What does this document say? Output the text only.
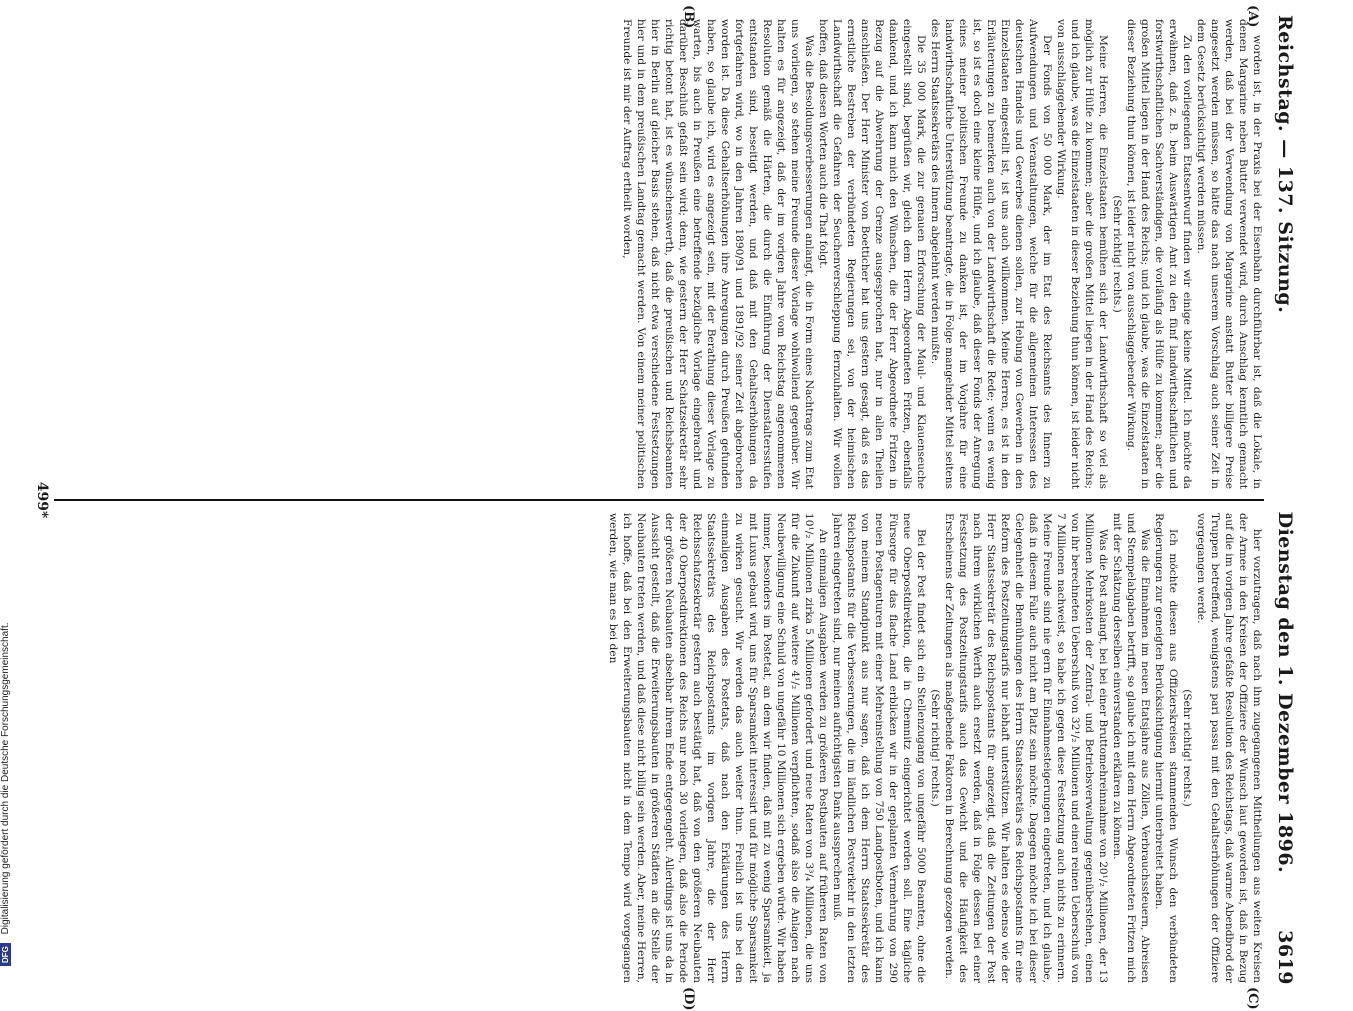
Reichstag. — 137. Sitzung.
Dienstag den 1. Dezember 1896.        3619
(A)
(B)
(C)
(D)

worden ist, in der Praxis bei der Eisenbahn durchführbar ist, daß die Lokale, in denen Margarine neben Butter verwendet wird, durch Anschlag kenntlich gemacht werden, daß bei der Verwendung von Margarine anstatt Butter billigere Preise angesetzt werden müssen, so hätte das nach unserem Vorschlag auch seiner Zeit in dem Gesetz berücksichtigt werden müssen.

Zu den vorliegenden Etatsentwurf finden wir einige kleine Mittel. Ich möchte da erwähnen, daß z. B. beim Auswärtigen Amt zu den fünf landwirthschaftlichen und forstwirthschaftlichen Sachverständigen, die vorläufig als Hülfe zu kommen; aber die großen Mittel liegen in der Hand des Reichs; und ich glaube, was die Einzelstaaten in dieser Beziehung thun können, ist leider nicht von ausschlaggebender Wirkung.

(Sehr richtig! rechts.)

Meine Herren, die Einzelstaaten bemühen sich der Landwirthschaft so viel als möglich zur Hülfe zu kommen; aber die großen Mittel liegen in der Hand des Reichs; und ich glaube, was die Einzelstaaten in dieser Beziehung thun können, ist leider nicht von ausschlaggebender Wirkung.

Der Fonds von 50 000 Mark, der im Etat des Reichsamts des Innern zu Aufwendungen und Veranstaltungen, welche für die allgemeinen Interessen des deutschen Handels und Gewerbes dienen sollen, zur Hebung von Gewerben in den Einzelstaaten eingestellt ist, ist uns auch willkommen. Meine Herren, es ist in den Erläuterungen zu bemerken auch von der Landwirthschaft die Rede; wenn es wenig ist, so ist es doch eine kleine Hülfe, und ich glaube, daß dieser Fonds der Anregung eines meiner politischen Freunde zu danken ist, der im Vorjahre für eine landwirthschaftliche Unterstützung beantragte, die in Folge mangelnder Mittel seitens des Herrn Staatssekretärs des Innern abgelehnt werden mußte.

Die 35 000 Mark, die zur genauen Erforschung der Maul- und Klauenseuche eingestellt sind, begrüßen wir, gleich dem Herrn Abgeordneten Fritzen, ebenfalls dankend, und ich kann mich den Wünschen, die der Herr Abgeordnete Fritzen in Bezug auf die Abwehrung der Grenze ausgesprochen hat, nur in allen Theilen anschließen. Der Herr Minister von Boetticher hat uns gestern gesagt, daß es das ernstliche Bestreben der verbündeten Regierungen sei, von der heimischen Landwirthschaft die Gefahren der Seuchenverschleppung fernzuhalten. Wir wollen hoffen, daß diesen Worten auch die That folgt.

Was die Besoldungsverbesserungen anlangt, die in Form eines Nachtrags zum Etat uns vorliegen, so stehen meine Freunde dieser Vorlage wohlwollend gegenüber. Wir halten es für angezeigt, daß der im vorigen Jahre vom Reichstag angenommenen Resolution gemäß die Härten, die durch die Einführung der Dienstaltersstufen entstanden sind, beseitigt werden, und daß mit den Gehaltserhöhungen da fortgefahren wird, wo in den Jahren 1890/91 und 1891/92 seiner Zeit abgebrochen worden ist. Da diese Gehaltserhöhungen ihre Anregungen durch Preußen gefunden haben, so glaube ich, wird es angezeigt sein, mit der Berathung dieser Vorlage zu warten, bis auch in Preußen eine betreffende bezügliche Vorlage eingebracht und darüber Beschluß gefaßt sein wird; denn, wie gestern der Herr Schatzsekretär sehr richtig betont hat, ist es wünschenswerth, daß die preußischen und Reichsbeamten hier in Berlin auf gleicher Basis stehen, daß nicht etwa verschiedene Festsetzungen hier und in dem preußischen Landtag gemacht werden. Von einem meiner politischen Freunde ist mir der Auftrag ertheilt worden,

hier vorzutragen, daß nach ihm zugegangenen Mittheilungen aus weiten Kreisen der Armee in den Kreisen der Offiziere der Wunsch laut geworden ist, daß in Bezug auf die im vorigen Jahre gefaßte Resolution des Reichstags, daß warme Abendbrod der Truppen betreffend, wenigstens pari passu mit den Gehaltserhöhungen der Offiziere vorgegangen werde.

(Sehr richtig! rechts.)

Ich möchte diesen aus Offizierskreisen stammenden Wunsch den verbündeten Regierungen zur geneigten Berücksichtigung hiermit unterbreitet haben.

Was die Einnahmen im neuen Etatsjahre aus Zöllen, Verbrauchssteuern, Abreisen und Stempelabgaben betrifft, so glaube ich mit dem Herrn Abgeordneten Fritzen mich mit der Schätzung derselben einverstanden erklären zu können.

Was die Post anlangt, bei bei einer Bruttomehreinnahme von 20¹/₂ Millionen, der 13 Millionen Mehrkosten der Zentral- und Betriebsverwaltung gegenüberstehen, einen von ihr berechneten Ueberschuß von 32¹/₂ Millionen und einen reinen Ueberschuß von 7 Millionen nachweist, so habe ich gegen diese Festsetzung auch nichts zu erinnern. Meine Freunde sind nie gern für Einnahmesteigerungen eingetreten, und ich glaube, daß in diesem Falle auch nicht am Platz sein möchte. Dagegen möchte ich bei dieser Gelegenheit die Bemühungen des Herrn Staatssekretärs des Reichspostamts für eine Reform des Postzeitungstarifs nur lebhaft unterstützen. Wir halten es ebenso wie der Herr Staatssekretär des Reichspostamts für angezeigt, daß die Zeitungen der Post nach ihrem wirklichen Werth auch ersetzt werden, daß in Folge dessen bei einer Festsetzung des Postzeitungstarifs auch das Gewicht und die Häufigkeit des Erscheinens der Zeitungen als maßgebende Faktoren in Berechnung gezogen werden.

(Sehr richtig! rechts.)

Bei der Post findet sich ein Stellenzugang von ungefähr 5000 Beamten, ohne die neue Oberpostdirektion, die in Chemnitz eingerichtet werden soll. Eine tägliche Fürsorge für das flache Land erblicken wir in der geplanten Vermehrung von 290 neuen Postagenturen mit einer Mehreinstellung von 750 Landpostboten, und ich kann von meinem Standpunkt aus nur sagen, daß ich dem Herrn Staatssekretär des Reichspostamts für die Verbesserungen, die im ländlichen Postverkehr in den letzten Jahren eingetreten sind, nur meinen aufrichtigsten Dank aussprechen muß.

An einmaligen Ausgaben werden zu größeren Postbauten auf früheren Raten von 10¹/₂ Millionen zirka 5 Millionen gefordert und neue Raten von 3³/₄ Millionen, die uns für die Zukunft auf weitere 4¹/₂ Millionen verpflichten, sodaß also die Anlagen nach Neubewilligung eine Schuld von ungefähr 10 Millionen sich ergeben würde. Wir haben immer, besonders im Postetat, an dem wir finden, daß mit zu wenig Sparsamkeit, ja mit Luxus gebaut wird, uns für Sparsamkeit interessirt und für mögliche Sparsamkeit zu wirken gesucht. Wir werden das auch weiter thun. Freilich ist uns bei den einmaligen Ausgaben des Postetats, daß nach den Erklärungen des Herrn Staatssekretärs des Reichspostamts im vorigen Jahre, die der Herr Reichsschatzsekretär gestern auch bestätigt hat, daß von den größeren Neubauten der 40 Oberpostdirektionen des Reichs nur noch 30 vorliegen, daß also die Periode der größeren Neubauten absehbar ihrem Ende entgegengeht. Allerdings ist uns da in Aussicht gestellt, daß die Erweiterungsbauten in größeren Städten an die Stelle der Neubauten treten werden, und daß diese nicht billig sein werden. Aber, meine Herren, ich hoffe, daß bei den Erweiterungsbauten nicht in dem Tempo wird vorgegangen werden, wie man es bei den

499*
DFG Digitalisierung gefördert durch die Deutsche Forschungsgemeinschaft.
